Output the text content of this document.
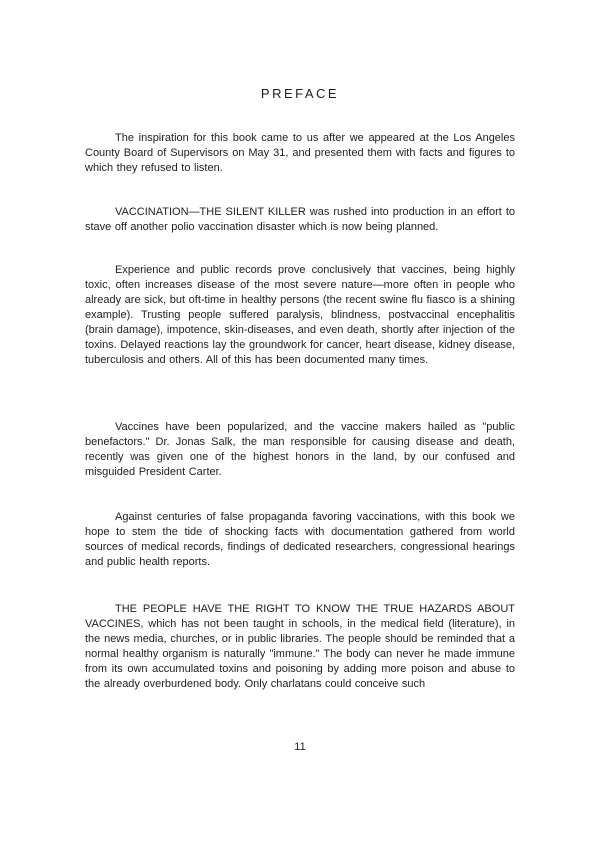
PREFACE

The inspiration for this book came to us after we appeared at the Los Angeles County Board of Supervisors on May 31, and presented them with facts and figures to which they refused to listen.

VACCINATION—THE SILENT KILLER was rushed into production in an effort to stave off another polio vaccination disaster which is now being planned.

Experience and public records prove conclusively that vaccines, being highly toxic, often increases disease of the most severe nature—more often in people who already are sick, but oft-time in healthy persons (the recent swine flu fiasco is a shining example). Trusting people suffered paralysis, blindness, postvaccinal encephalitis (brain damage), impotence, skin-diseases, and even death, shortly after injection of the toxins. Delayed reactions lay the groundwork for cancer, heart disease, kidney disease, tuberculosis and others. All of this has been documented many times.

Vaccines have been popularized, and the vaccine makers hailed as "public benefactors." Dr. Jonas Salk, the man responsible for causing disease and death, recently was given one of the highest honors in the land, by our confused and misguided President Carter.

Against centuries of false propaganda favoring vaccinations, with this book we hope to stem the tide of shocking facts with documentation gathered from world sources of medical records, findings of dedicated researchers, congressional hearings and public health reports.

THE PEOPLE HAVE THE RIGHT TO KNOW THE TRUE HAZARDS ABOUT VACCINES, which has not been taught in schools, in the medical field (literature), in the news media, churches, or in public libraries. The people should be reminded that a normal healthy organism is naturally "immune." The body can never he made immune from its own accumulated toxins and poisoning by adding more poison and abuse to the already overburdened body. Only charlatans could conceive such

11
